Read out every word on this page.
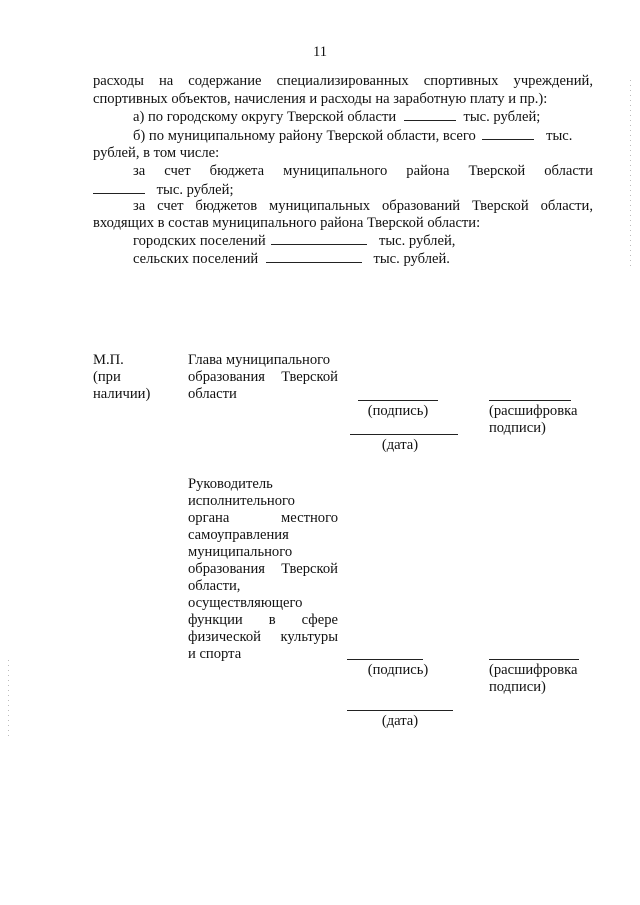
11
расходы на содержание специализированных спортивных учреждений,
спортивных объектов, начисления и расходы на заработную плату и пр.):
а) по городскому округу Тверской области	тыс. рублей;
б) по муниципальному району Тверской области, всего	тыс.
рублей, в том числе:
за счет бюджета муниципального района Тверской области
тыс. рублей;
за счет бюджетов муниципальных образований Тверской области,
входящих в состав муниципального района Тверской области:
городских поселений	тыс. рублей,
сельских поселений	тыс. рублей.
М.П.
(при
наличии)
Глава муниципального
образования Тверской
области
(подпись)	(расшифровка
подписи)
(дата)
Руководитель
исполнительного
органа местного
самоуправления
муниципального
образования Тверской
области,
осуществляющего
функции в сфере
физической культуры
и спорта
(подпись)	(расшифровка
подписи)
(дата)
